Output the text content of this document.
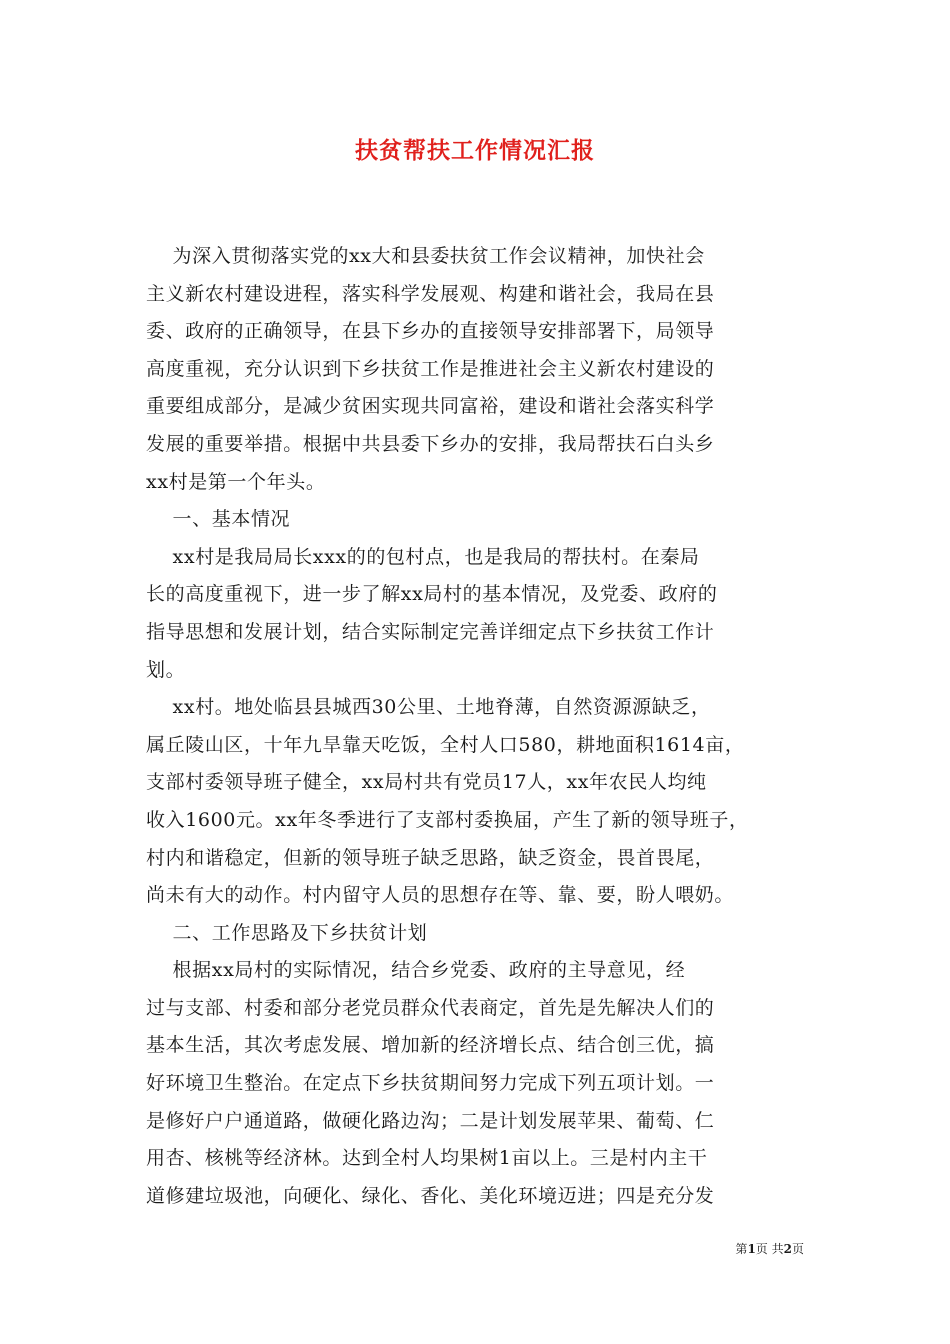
扶贫帮扶工作情况汇报
为深入贯彻落实党的xx大和县委扶贫工作会议精神，加快社会
主义新农村建设进程，落实科学发展观、构建和谐社会，我局在县
委、政府的正确领导，在县下乡办的直接领导安排部署下，局领导
高度重视，充分认识到下乡扶贫工作是推进社会主义新农村建设的
重要组成部分，是减少贫困实现共同富裕，建设和谐社会落实科学
发展的重要举措。根据中共县委下乡办的安排，我局帮扶石白头乡
xx村是第一个年头。
一、基本情况
xx村是我局局长xxx的的包村点，也是我局的帮扶村。在秦局
长的高度重视下，进一步了解xx局村的基本情况，及党委、政府的
指导思想和发展计划，结合实际制定完善详细定点下乡扶贫工作计
划。
xx村。地处临县县城西30公里、土地脊薄，自然资源源缺乏，
属丘陵山区，十年九旱靠天吃饭，全村人口580，耕地面积1614亩，
支部村委领导班子健全，xx局村共有党员17人，xx年农民人均纯
收入1600元。xx年冬季进行了支部村委换届，产生了新的领导班子，
村内和谐稳定，但新的领导班子缺乏思路，缺乏资金，畏首畏尾，
尚未有大的动作。村内留守人员的思想存在等、靠、要，盼人喂奶。
二、工作思路及下乡扶贫计划
根据xx局村的实际情况，结合乡党委、政府的主导意见，经
过与支部、村委和部分老党员群众代表商定，首先是先解决人们的
基本生活，其次考虑发展、增加新的经济增长点、结合创三优，搞
好环境卫生整治。在定点下乡扶贫期间努力完成下列五项计划。一
是修好户户通道路，做硬化路边沟；二是计划发展苹果、葡萄、仁
用杏、核桃等经济林。达到全村人均果树1亩以上。三是村内主干
道修建垃圾池，向硬化、绿化、香化、美化环境迈进；四是充分发
第1页 共2页
